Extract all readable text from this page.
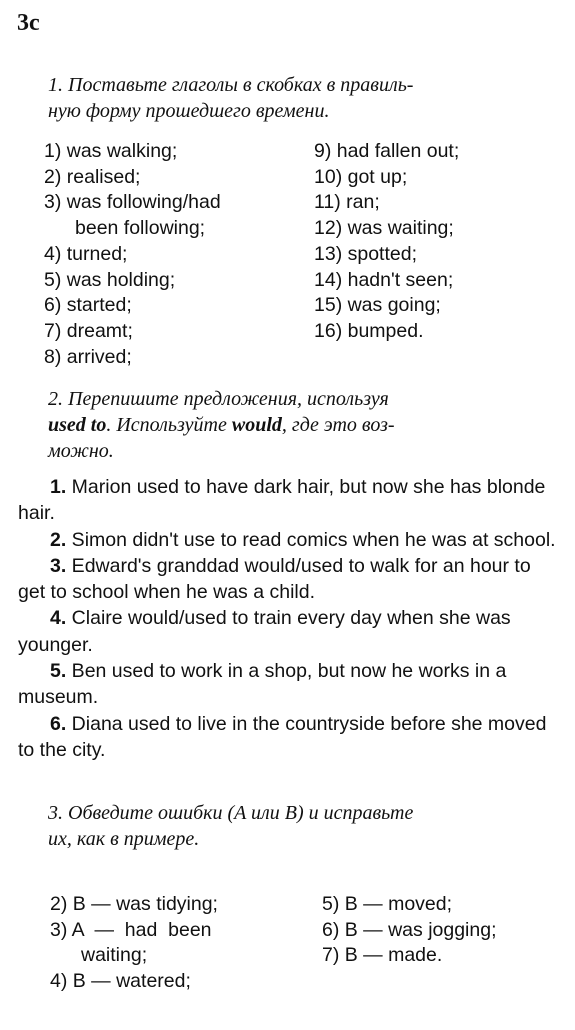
3c
1. Поставьте глаголы в скобках в правиль-
ную форму прошедшего времени.
1) was walking;
2) realised;
3) was following/had
been following;
4) turned;
5) was holding;
6) started;
7) dreamt;
8) arrived;
9) had fallen out;
10) got up;
11) ran;
12) was waiting;
13) spotted;
14) hadn't seen;
15) was going;
16) bumped.
2. Перепишите предложения, используя
used to. Используйте would, где это воз-
можно.

1. Marion used to have dark hair, but now she has blonde hair.

2. Simon didn't use to read comics when he was at school.

3. Edward's granddad would/used to walk for an hour to get to school when he was a child.

4. Claire would/used to train every day when she was younger.

5. Ben used to work in a shop, but now he works in a museum.

6. Diana used to live in the countryside before she moved to the city.

3. Обведите ошибки (A или B) и исправьте
их, как в примере.
2) B — was tidying;
3) A  —  had  been
waiting;
4) B — watered;
5) B — moved;
6) B — was jogging;
7) B — made.
